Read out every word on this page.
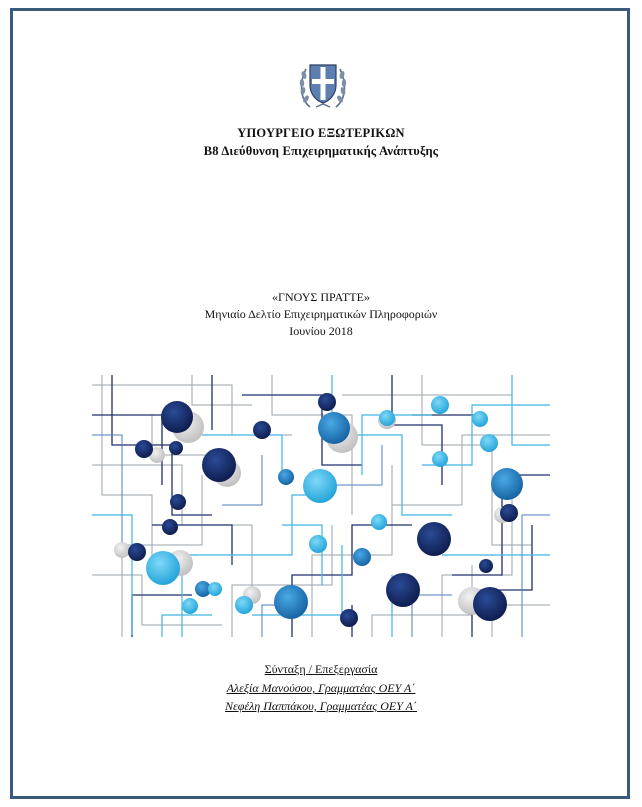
ΥΠΟΥΡΓΕΙΟ ΕΞΩΤΕΡΙΚΩΝ
Β8 Διεύθυνση Επιχειρηματικής Ανάπτυξης
«ΓΝΟΥΣ ΠΡΑΤΤΕ»
Μηνιαίο Δελτίο Επιχειρηματικών Πληροφοριών
Ιουνίου 2018
Σύνταξη / Επεξεργασία
Αλεξία Μανούσου, Γραμματέας ΟΕΥ Α΄
Νεφέλη Παππάκου, Γραμματέας ΟΕΥ Α΄
